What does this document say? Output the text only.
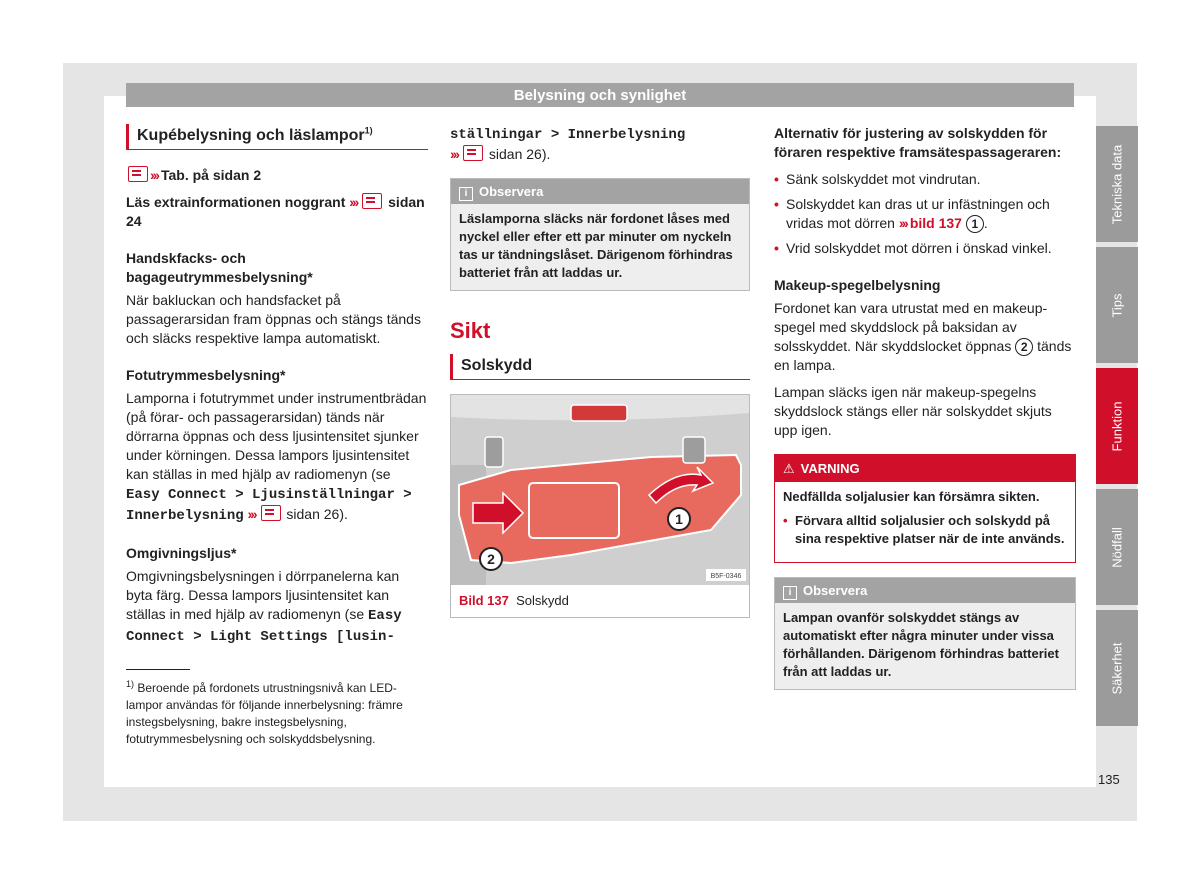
Belysning och synlighet
Kupébelysning och läslampor$^{1)}$

››› Tab. på sidan 2

Läs extrainformationen noggrant ››› sidan 24

Handskfacks- och bagageutrymmesbelysning*

När bakluckan och handsfacket på passagerarsidan fram öppnas och stängs tänds och släcks respektive lampa automatiskt.

Fotutrymmesbelysning*

Lamporna i fotutrymmet under instrumentbrädan (på förar- och passagerarsidan) tänds när dörrarna öppnas och dess ljusintensitet sjunker under körningen. Dessa lampors ljusintensitet kan ställas in med hjälp av radiomenyn (se Easy Connect > Ljusinställningar > Innerbelysning ››› sidan 26).

Omgivningsljus*

Omgivningsbelysningen i dörrpanelerna kan byta färg. Dessa lampors ljusintensitet kan ställas in med hjälp av radiomenyn (se Easy Connect > Light Settings [lusin-

$^{1)}$ Beroende på fordonets utrustningsnivå kan LED-lampor användas för följande innerbelysning: främre instegsbelysning, bakre instegsbelysning, fotutrymmesbelysning och solskyddsbelysning.

ställningar > Innerbelysning
››› sidan 26).

i Observera
Läslamporna släcks när fordonet låses med nyckel eller efter ett par minuter om nyckeln tas ur tändningslåset. Därigenom förhindras batteriet från att laddas ur.
Sikt
Solskydd
1
2
B5F-0346
Bild 137 Solskydd

Alternativ för justering av solskydden för föraren respektive framsätespassageraren:

• Sänk solskyddet mot vindrutan.
• Solskyddet kan dras ut ur infästningen och vridas mot dörren ››› bild 137 1 .
• Vrid solskyddet mot dörren i önskad vinkel.
Makeup-spegelbelysning

Fordonet kan vara utrustat med en makeup-spegel med skyddslock på baksidan av solsskyddet. När skyddslocket öppnas 2 tänds en lampa.

Lampan släcks igen när makeup-spegelns skyddslock stängs eller när solskyddet skjuts upp igen.

⚠ VARNING
Nedfällda soljalusier kan försämra sikten.
• Förvara alltid soljalusier och solskydd på sina respektive platser när de inte används.
i Observera
Lampan ovanför solskyddet stängs av automatiskt efter några minuter under vissa förhållanden. Därigenom förhindras batteriet från att laddas ur.
Tekniska data
Tips
Funktion
Nödfall
Säkerhet
135
